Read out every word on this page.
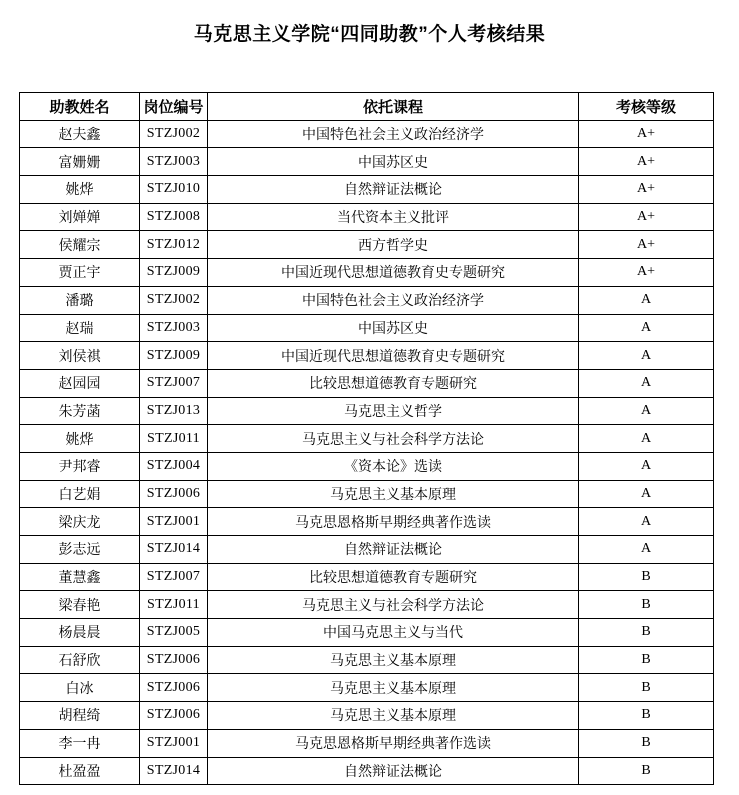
马克思主义学院“四同助教”个人考核结果
助教姓名	岗位编号	依托课程	考核等级
赵夫鑫	STZJ002	中国特色社会主义政治经济学	A+
富姗姗	STZJ003	中国苏区史	A+
姚烨	STZJ010	自然辩证法概论	A+
刘婵婵	STZJ008	当代资本主义批评	A+
侯耀宗	STZJ012	西方哲学史	A+
贾正宇	STZJ009	中国近现代思想道德教育史专题研究	A+
潘璐	STZJ002	中国特色社会主义政治经济学	A
赵瑞	STZJ003	中国苏区史	A
刘侯祺	STZJ009	中国近现代思想道德教育史专题研究	A
赵园园	STZJ007	比较思想道德教育专题研究	A
朱芳菡	STZJ013	马克思主义哲学	A
姚烨	STZJ011	马克思主义与社会科学方法论	A
尹邦睿	STZJ004	《资本论》选读	A
白艺娟	STZJ006	马克思主义基本原理	A
梁庆龙	STZJ001	马克思恩格斯早期经典著作选读	A
彭志远	STZJ014	自然辩证法概论	A
董慧鑫	STZJ007	比较思想道德教育专题研究	B
梁春艳	STZJ011	马克思主义与社会科学方法论	B
杨晨晨	STZJ005	中国马克思主义与当代	B
石舒欣	STZJ006	马克思主义基本原理	B
白冰	STZJ006	马克思主义基本原理	B
胡程绮	STZJ006	马克思主义基本原理	B
李一冉	STZJ001	马克思恩格斯早期经典著作选读	B
杜盈盈	STZJ014	自然辩证法概论	B
